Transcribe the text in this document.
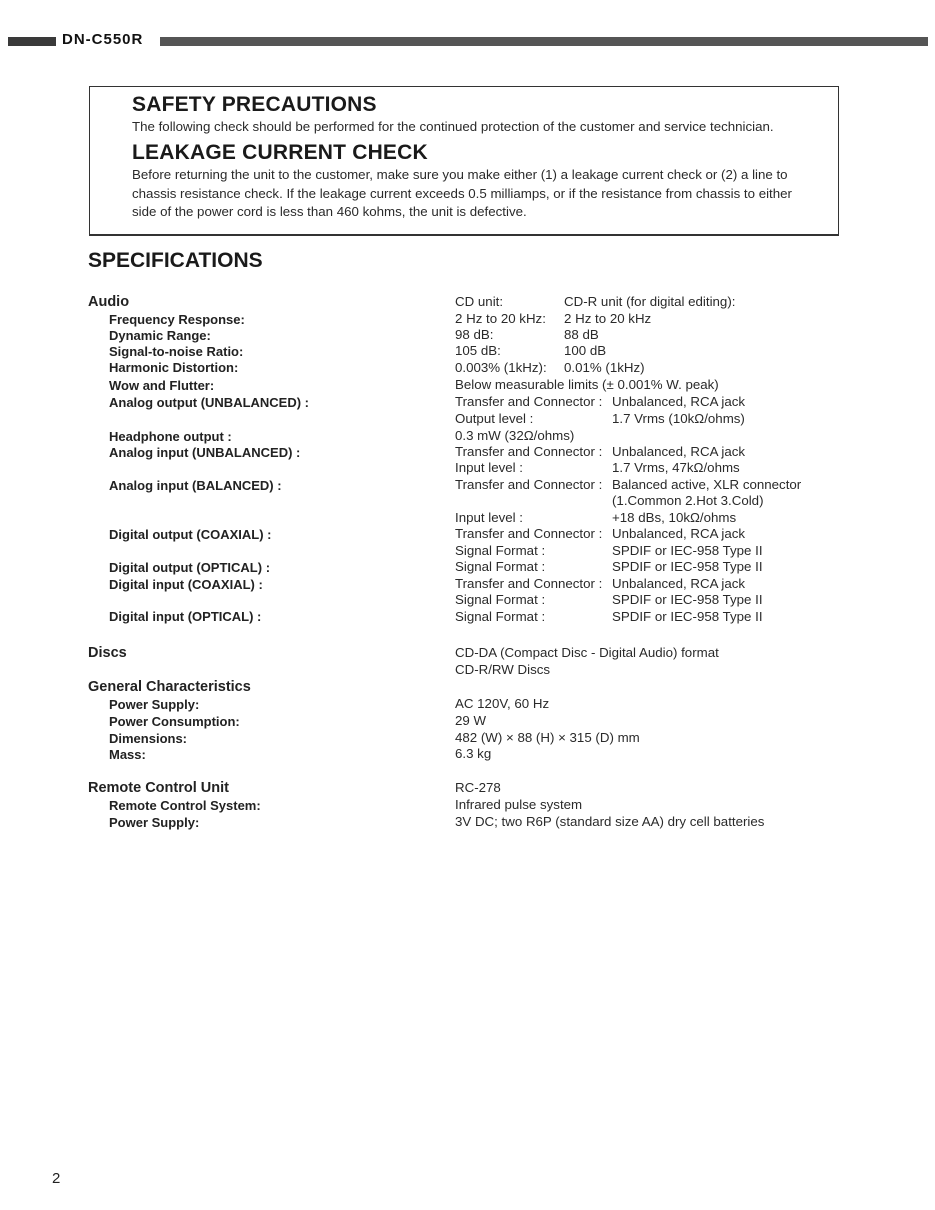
DN-C550R
SAFETY PRECAUTIONS
The following check should be performed for the continued protection of the customer and service technician.
LEAKAGE CURRENT CHECK
Before returning the unit to the customer, make sure you make either (1) a leakage current check or (2) a line to
chassis resistance check. If the leakage current exceeds 0.5 milliamps, or if the resistance from chassis to either
side of the power cord is less than 460 kohms, the unit is defective.
SPECIFICATIONS
Audio	CD unit:	CD-R unit (for digital editing):
Frequency Response:	2 Hz to 20 kHz: 2 Hz to 20 kHz
Dynamic Range:	98 dB:	88 dB
Signal-to-noise Ratio:	105 dB:	100 dB
Harmonic Distortion:	0.003% (1kHz): 0.01% (1kHz)
Wow and Flutter:	Below measurable limits (± 0.001% W. peak)
Analog output (UNBALANCED) :	Transfer and Connector : Unbalanced, RCA jack
Output level :	1.7 Vrms (10kΩ/ohms)
Headphone output :	0.3 mW (32Ω/ohms)
Analog input (UNBALANCED) :	Transfer and Connector : Unbalanced, RCA jack
Input level :	1.7 Vrms, 47kΩ/ohms
Analog input (BALANCED) :	Transfer and Connector : Balanced active, XLR connector
(1.Common 2.Hot 3.Cold)
Input level :	+18 dBs, 10kΩ/ohms
Digital output (COAXIAL) :	Transfer and Connector : Unbalanced, RCA jack
Signal Format :	SPDIF or IEC-958 Type II
Digital output (OPTICAL) :	Signal Format :	SPDIF or IEC-958 Type II
Digital input (COAXIAL) :	Transfer and Connector : Unbalanced, RCA jack
Signal Format :	SPDIF or IEC-958 Type II
Digital input (OPTICAL) :	Signal Format :	SPDIF or IEC-958 Type II
Discs	CD-DA (Compact Disc - Digital Audio) format
CD-R/RW Discs
General Characteristics
Power Supply:	AC 120V, 60 Hz
Power Consumption:	29 W
Dimensions:	482 (W) × 88 (H) × 315 (D) mm
Mass:	6.3 kg
Remote Control Unit	RC-278
Remote Control System:	Infrared pulse system
Power Supply:	3V DC; two R6P (standard size AA) dry cell batteries
2
